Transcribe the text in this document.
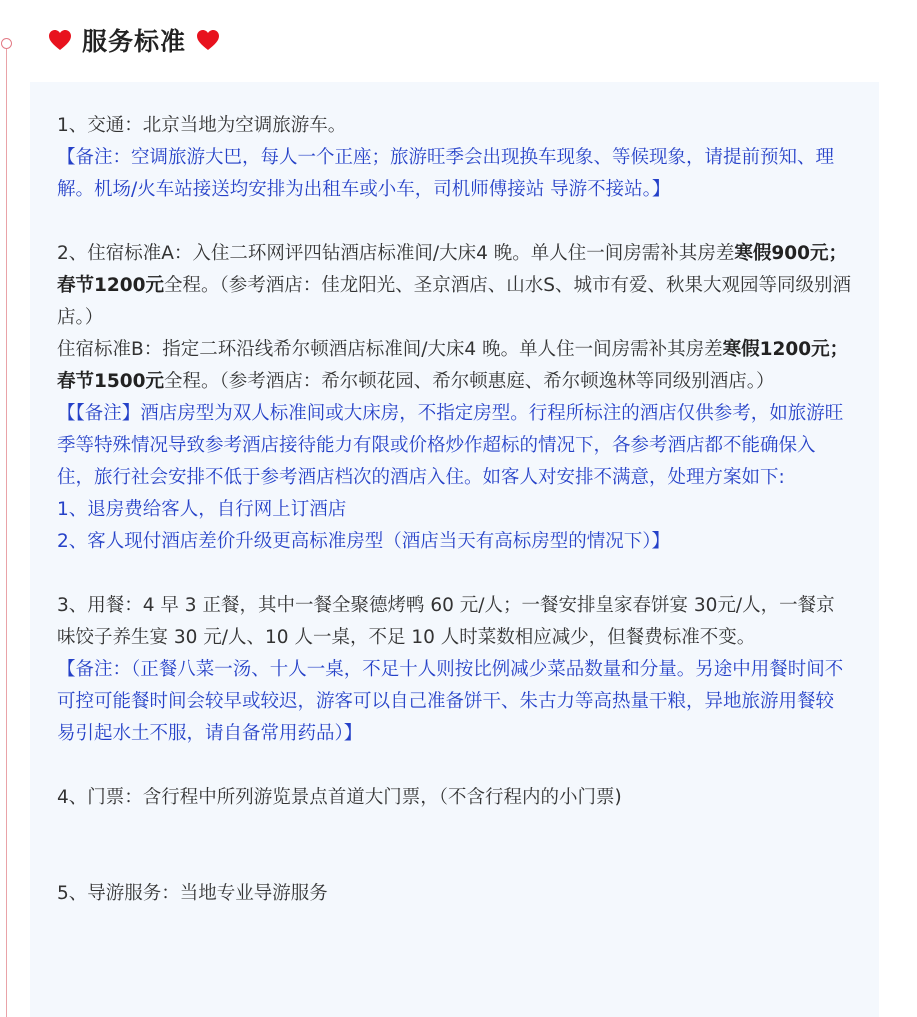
服务标准

1、交通：北京当地为空调旅游车。

【备注：空调旅游大巴，每人一个正座；旅游旺季会出现换车现象、等候现象，请提前预知、理解。机场/火车站接送均安排为出租车或小车，司机师傅接站 导游不接站。】

2、住宿标准A：入住二环网评四钻酒店标准间/大床4 晚。单人住一间房需补其房差寒假900元；春节1200元全程。（参考酒店：佳龙阳光、圣京酒店、山水S、城市有爱、秋果大观园等同级别酒店。）

住宿标准B：指定二环沿线希尔顿酒店标准间/大床4 晚。单人住一间房需补其房差寒假1200元；春节1500元全程。（参考酒店：希尔顿花园、希尔顿惠庭、希尔顿逸林等同级别酒店。）

【【备注】酒店房型为双人标准间或大床房，不指定房型。行程所标注的酒店仅供参考，如旅游旺季等特殊情况导致参考酒店接待能力有限或价格炒作超标的情况下，各参考酒店都不能确保入住，旅行社会安排不低于参考酒店档次的酒店入住。如客人对安排不满意，处理方案如下:

1、退房费给客人，自行网上订酒店

2、客人现付酒店差价升级更高标准房型（酒店当天有高标房型的情况下）】

3、用餐：4 早 3 正餐，其中一餐全聚德烤鸭 60 元/人；一餐安排皇家春饼宴 30元/人，一餐京味饺子养生宴 30 元/人、10 人一桌，不足 10 人时菜数相应减少，但餐费标准不变。

【备注：（正餐八菜一汤、十人一桌，不足十人则按比例减少菜品数量和分量。另途中用餐时间不可控可能餐时间会较早或较迟，游客可以自己准备饼干、朱古力等高热量干粮，异地旅游用餐较易引起水土不服，请自备常用药品）】

4、门票：含行程中所列游览景点首道大门票，（不含行程内的小门票)

5、导游服务：当地专业导游服务
